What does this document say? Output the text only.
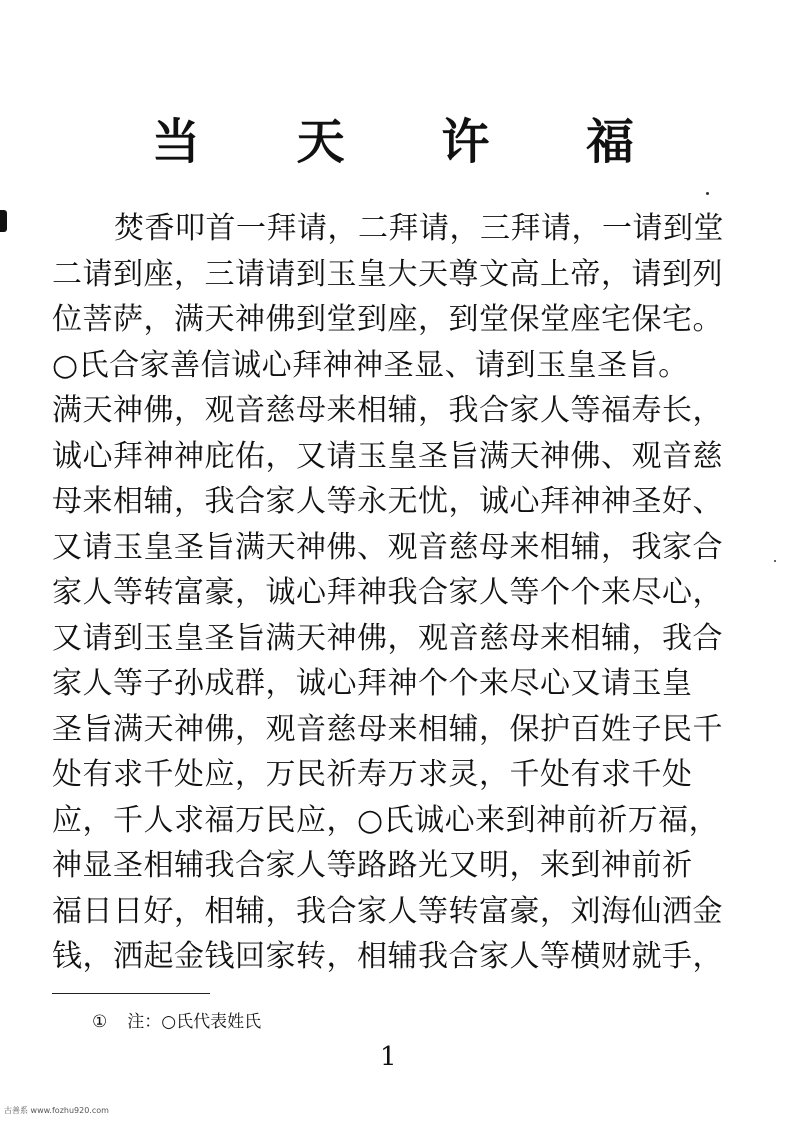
当 天 许 福
焚香叩首一拜请，二拜请，三拜请，一请到堂
二请到座，三请请到玉皇大天尊文高上帝，请到列
位菩萨，满天神佛到堂到座，到堂保堂座宅保宅。
○氏合家善信诚心拜神神圣显、请到玉皇圣旨。
满天神佛，观音慈母来相辅，我合家人等福寿长，
诚心拜神神庇佑，又请玉皇圣旨满天神佛、观音慈
母来相辅，我合家人等永无忧，诚心拜神神圣好、
又请玉皇圣旨满天神佛、观音慈母来相辅，我家合
家人等转富豪，诚心拜神我合家人等个个来尽心，
又请到玉皇圣旨满天神佛，观音慈母来相辅，我合
家人等子孙成群，诚心拜神个个来尽心又请玉皇
圣旨满天神佛，观音慈母来相辅，保护百姓子民千
处有求千处应，万民祈寿万求灵，千处有求千处
应，千人求福万民应，○氏诚心来到神前祈万福，
神显圣相辅我合家人等路路光又明，来到神前祈
福日日好，相辅，我合家人等转富豪，刘海仙洒金
钱，洒起金钱回家转，相辅我合家人等横财就手，
① 注：○氏代表姓氏
1
古善系 www.fozhu920.com
